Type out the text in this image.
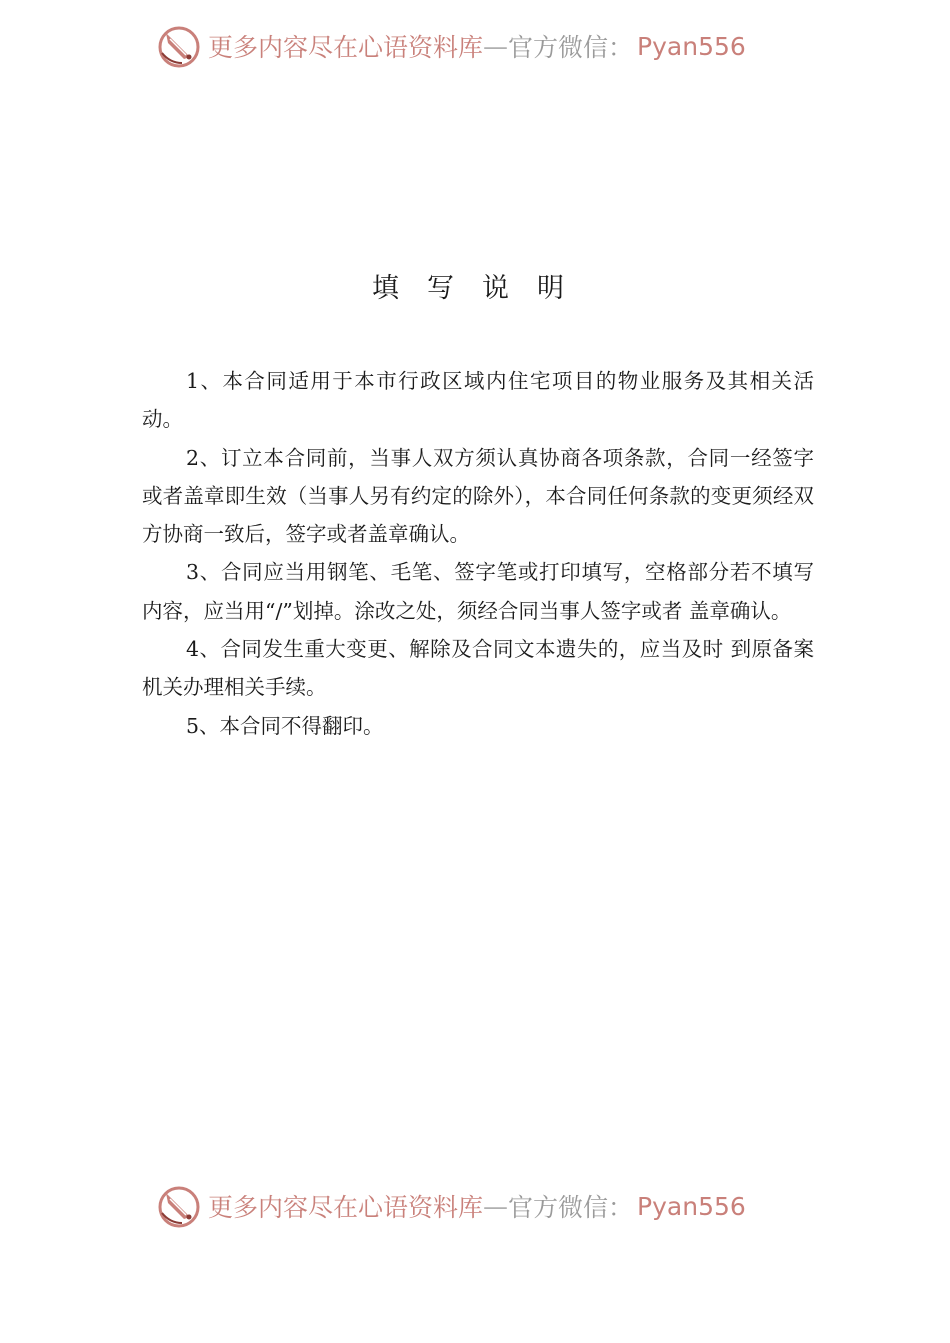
更多内容尽在心语资料库 — 官方微信： Pyan556
填写说明

1、本合同适用于本市行政区域内住宅项目的物业服务及其相关活动。

2、订立本合同前，当事人双方须认真协商各项条款，合同一经签字或者盖章即生效（当事人另有约定的除外），本合同任何条款的变更须经双方协商一致后，签字或者盖章确认。

3、合同应当用钢笔、毛笔、签字笔或打印填写，空格部分若不填写内容，应当用“/”划掉。涂改之处，须经合同当事人签字或者 盖章确认。

4、合同发生重大变更、解除及合同文本遗失的，应当及时 到原备案机关办理相关手续。

5、本合同不得翻印。

更多内容尽在心语资料库 — 官方微信： Pyan556
